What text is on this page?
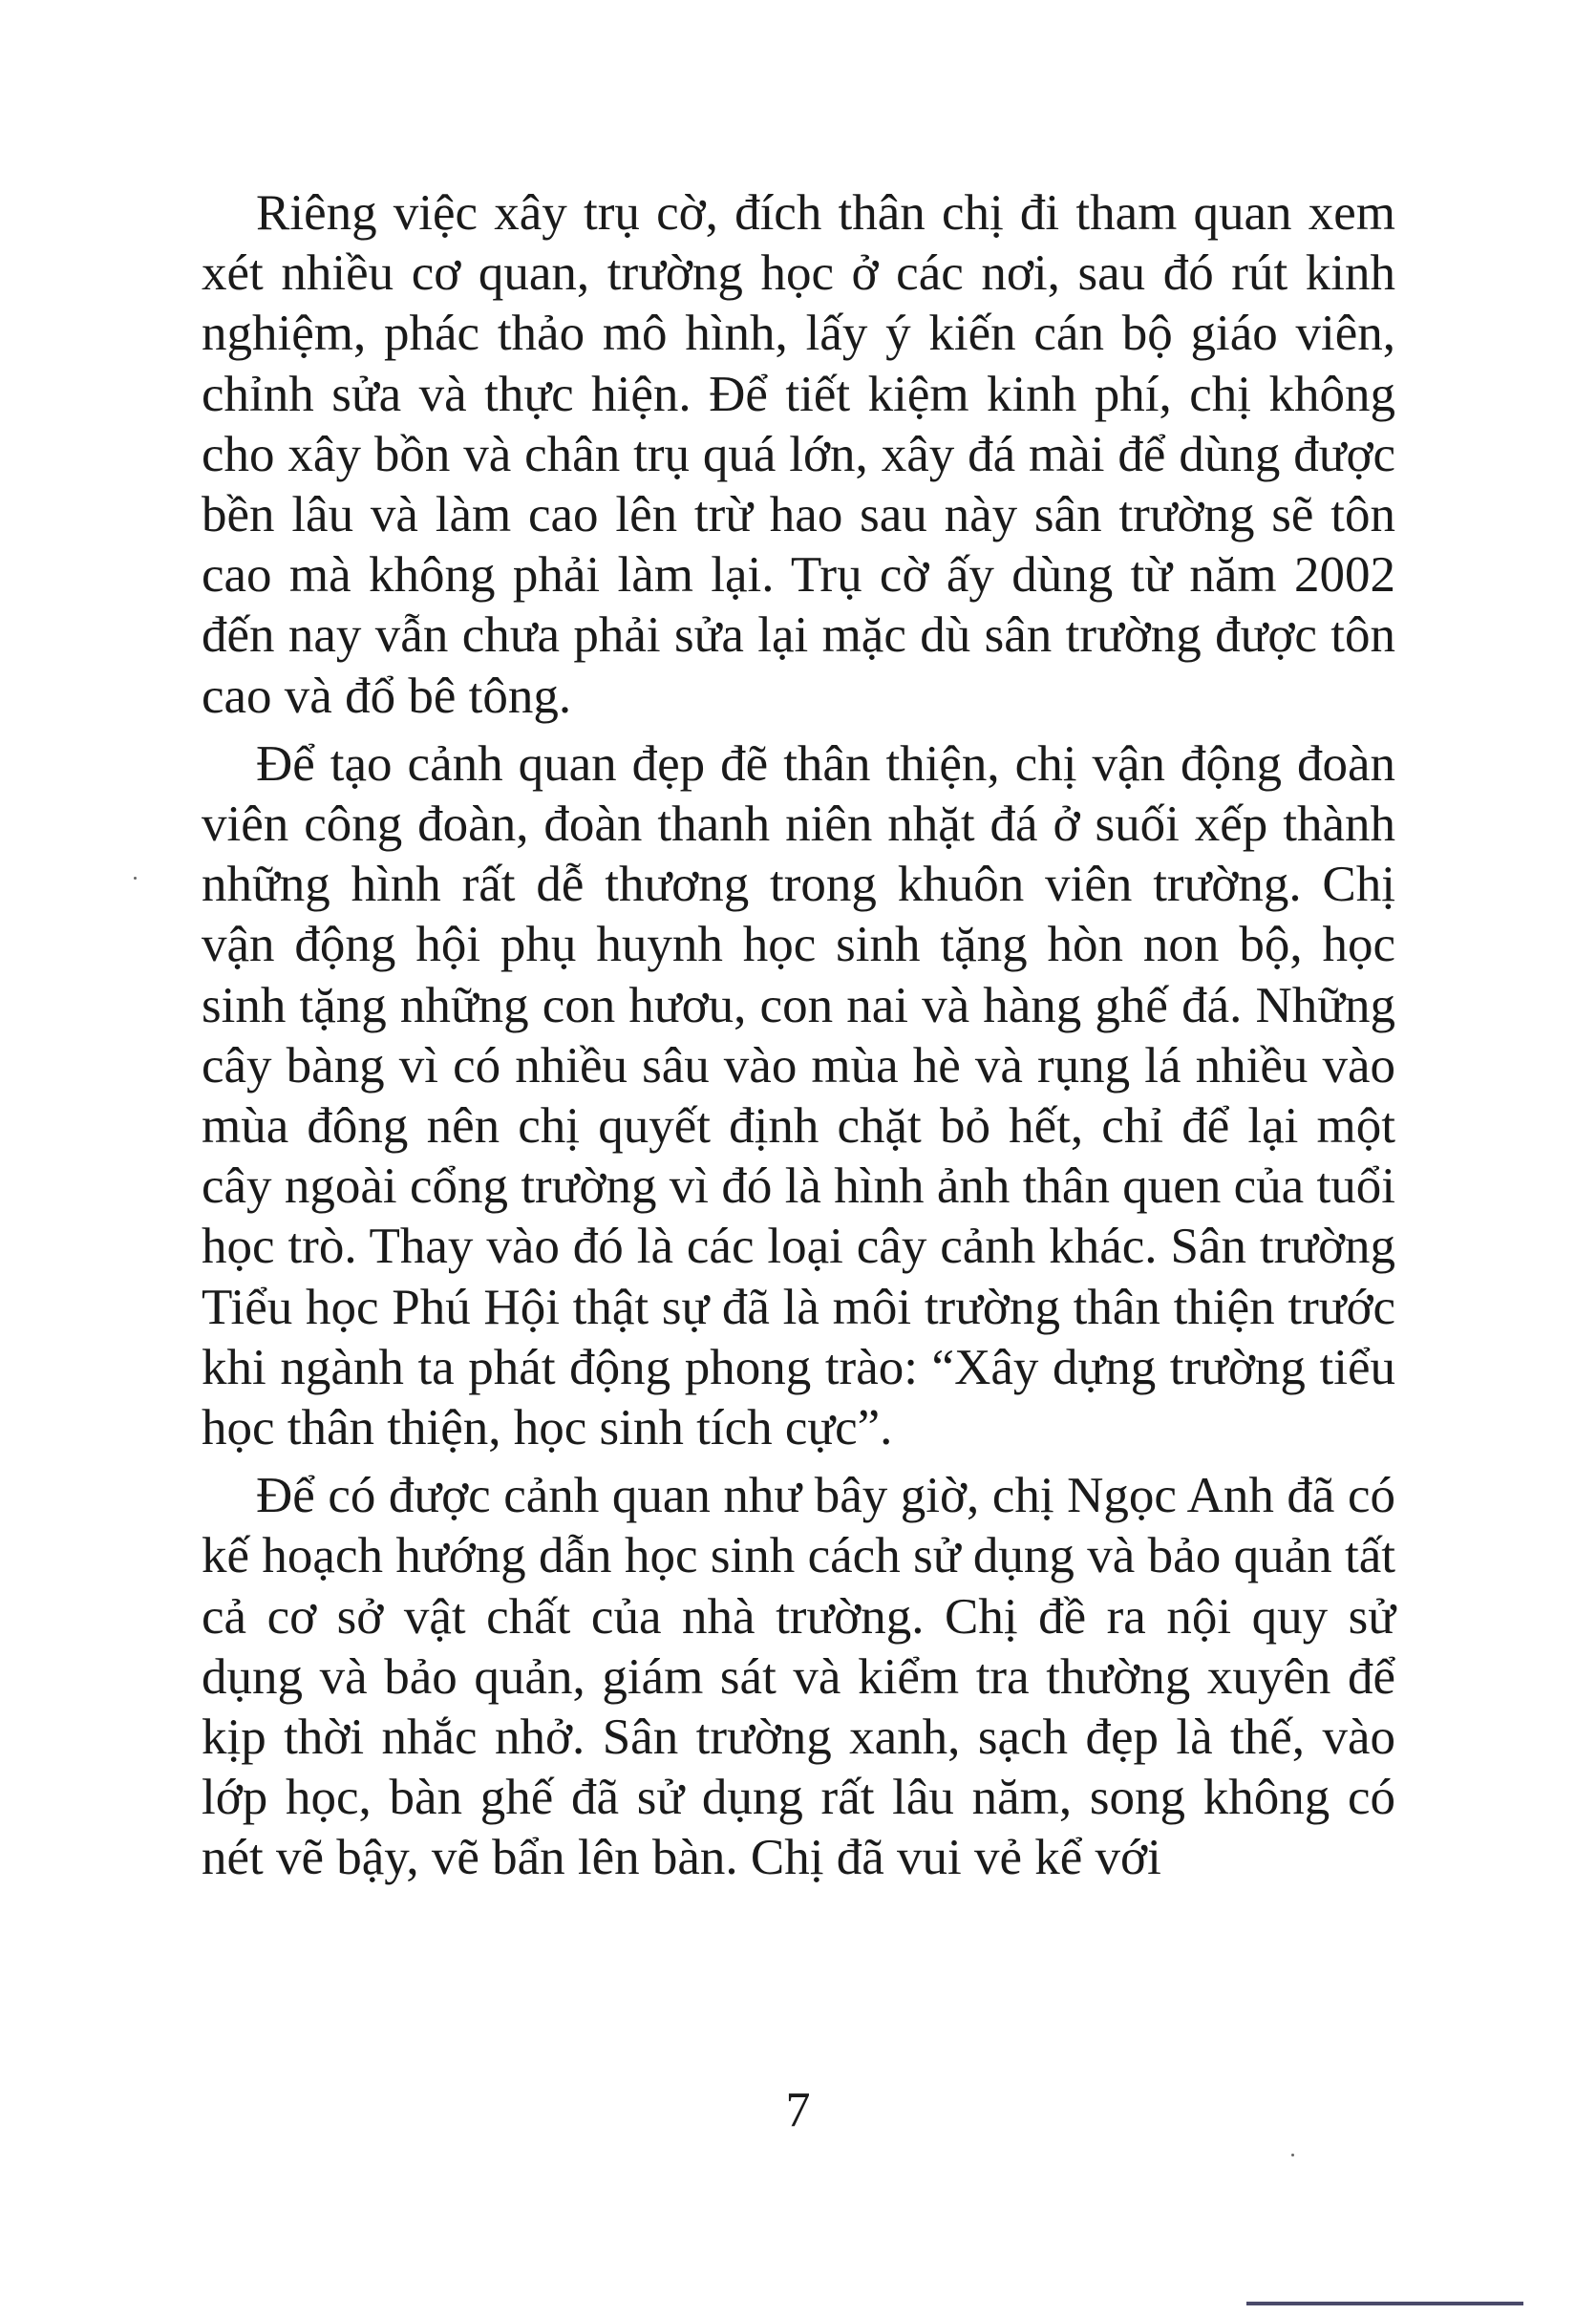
Riêng việc xây trụ cờ, đích thân chị đi tham quan xem xét nhiều cơ quan, trường học ở các nơi, sau đó rút kinh nghiệm, phác thảo mô hình, lấy ý kiến cán bộ giáo viên, chỉnh sửa và thực hiện. Để tiết kiệm kinh phí, chị không cho xây bồn và chân trụ quá lớn, xây đá mài để dùng được bền lâu và làm cao lên trừ hao sau này sân trường sẽ tôn cao mà không phải làm lại. Trụ cờ ấy dùng từ năm 2002 đến nay vẫn chưa phải sửa lại mặc dù sân trường được tôn cao và đổ bê tông.

Để tạo cảnh quan đẹp đẽ thân thiện, chị vận động đoàn viên công đoàn, đoàn thanh niên nhặt đá ở suối xếp thành những hình rất dễ thương trong khuôn viên trường. Chị vận động hội phụ huynh học sinh tặng hòn non bộ, học sinh tặng những con hươu, con nai và hàng ghế đá. Những cây bàng vì có nhiều sâu vào mùa hè và rụng lá nhiều vào mùa đông nên chị quyết định chặt bỏ hết, chỉ để lại một cây ngoài cổng trường vì đó là hình ảnh thân quen của tuổi học trò. Thay vào đó là các loại cây cảnh khác. Sân trường Tiểu học Phú Hội thật sự đã là môi trường thân thiện trước khi ngành ta phát động phong trào: “Xây dựng trường tiểu học thân thiện, học sinh tích cực”.

Để có được cảnh quan như bây giờ, chị Ngọc Anh đã có kế hoạch hướng dẫn học sinh cách sử dụng và bảo quản tất cả cơ sở vật chất của nhà trường. Chị đề ra nội quy sử dụng và bảo quản, giám sát và kiểm tra thường xuyên để kịp thời nhắc nhở. Sân trường xanh, sạch đẹp là thế, vào lớp học, bàn ghế đã sử dụng rất lâu năm, song không có nét vẽ bậy, vẽ bẩn lên bàn. Chị đã vui vẻ kể với

7
